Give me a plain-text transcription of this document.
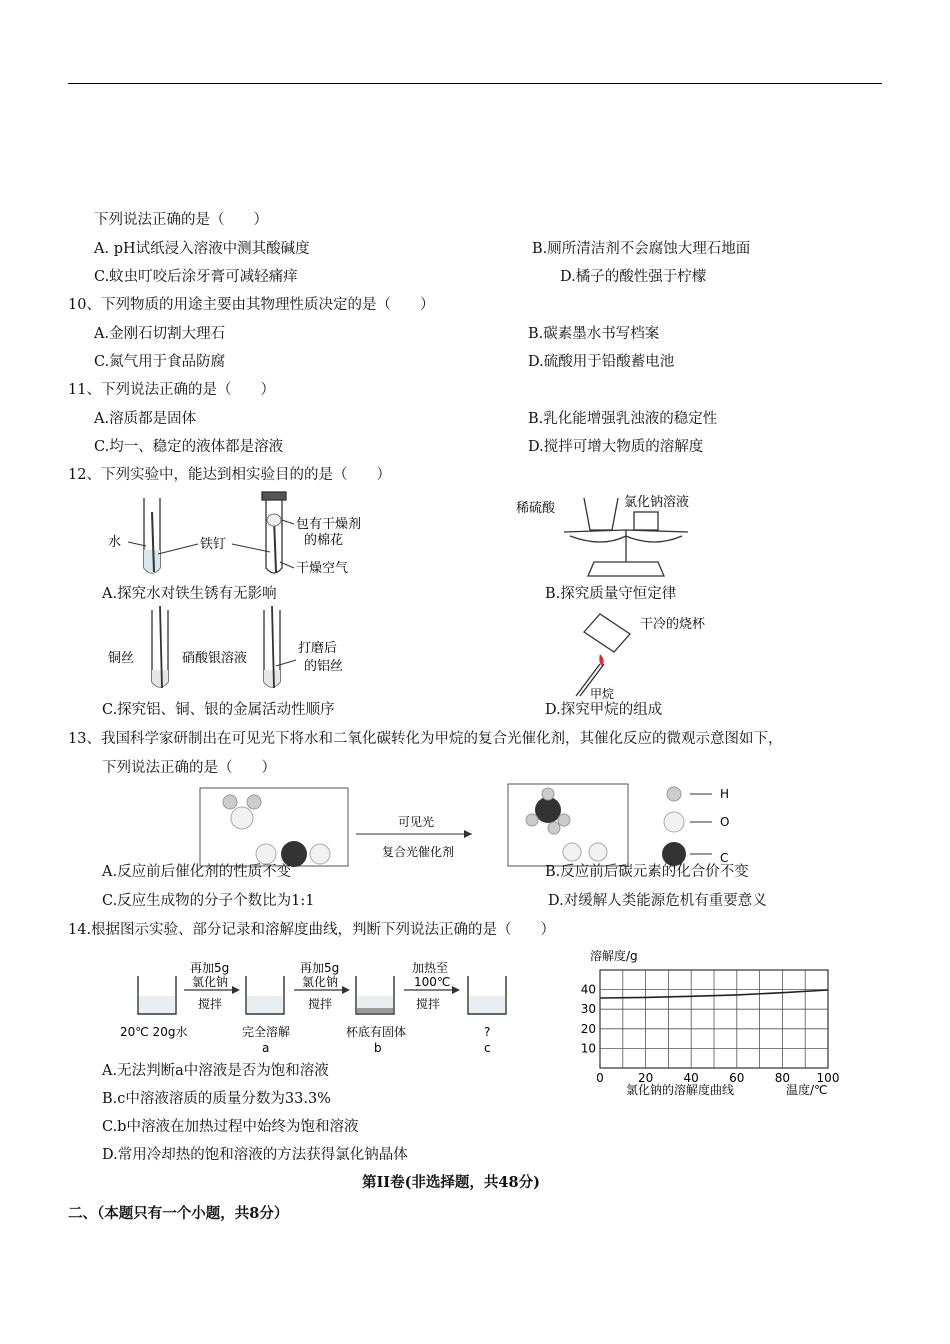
下列说法正确的是（　　）
A. pH试纸浸入溶液中测其酸碱度	B.厕所清洁剂不会腐蚀大理石地面
C.蚊虫叮咬后涂牙膏可减轻痛痒	D.橘子的酸性强于柠檬
10、下列物质的用途主要由其物理性质决定的是（　　）
A.金刚石切割大理石	B.碳素墨水书写档案
C.氮气用于食品防腐	D.硫酸用于铅酸蓄电池
11、下列说法正确的是（　　）
A.溶质都是固体	B.乳化能增强乳浊液的稳定性
C.均一、稳定的液体都是溶液	D.搅拌可增大物质的溶解度
12、下列实验中，能达到相实验目的的是（　　）
水	铁钉
包有干燥剂
的棉花
干燥空气
稀硫酸	氯化钠溶液
A.探究水对铁生锈有无影响	B.探究质量守恒定律
铜丝	硝酸银溶液
打磨后
的铝丝
干冷的烧杯
甲烷
C.探究铝、铜、银的金属活动性顺序	D.探究甲烷的组成
13、我国科学家研制出在可见光下将水和二氧化碳转化为甲烷的复合光催化剂，其催化反应的微观示意图如下，
下列说法正确的是（　　）
可见光
复合光催化剂
H
O
C
A.反应前后催化剂的性质不变	B.反应前后碳元素的化合价不变
C.反应生成物的分子个数比为1:1	D.对缓解人类能源危机有重要意义
14.根据图示实验、部分记录和溶解度曲线，判断下列说法正确的是（　　）
再加5g
氯化钠
搅拌
再加5g
氯化钠
搅拌
加热至
100℃
搅拌
20℃ 20g水	完全溶解
a
杯底有固体
b
?
c
溶解度/g
0	20	40	60	80 100
10
20
30
40
氯化钠的溶解度曲线	温度/℃
A.无法判断a中溶液是否为饱和溶液
B.c中溶液溶质的质量分数为33.3%
C.b中溶液在加热过程中始终为饱和溶液
D.常用冷却热的饱和溶液的方法获得氯化钠晶体
第II卷(非选择题，共48分)
二、（本题只有一个小题，共8分）
